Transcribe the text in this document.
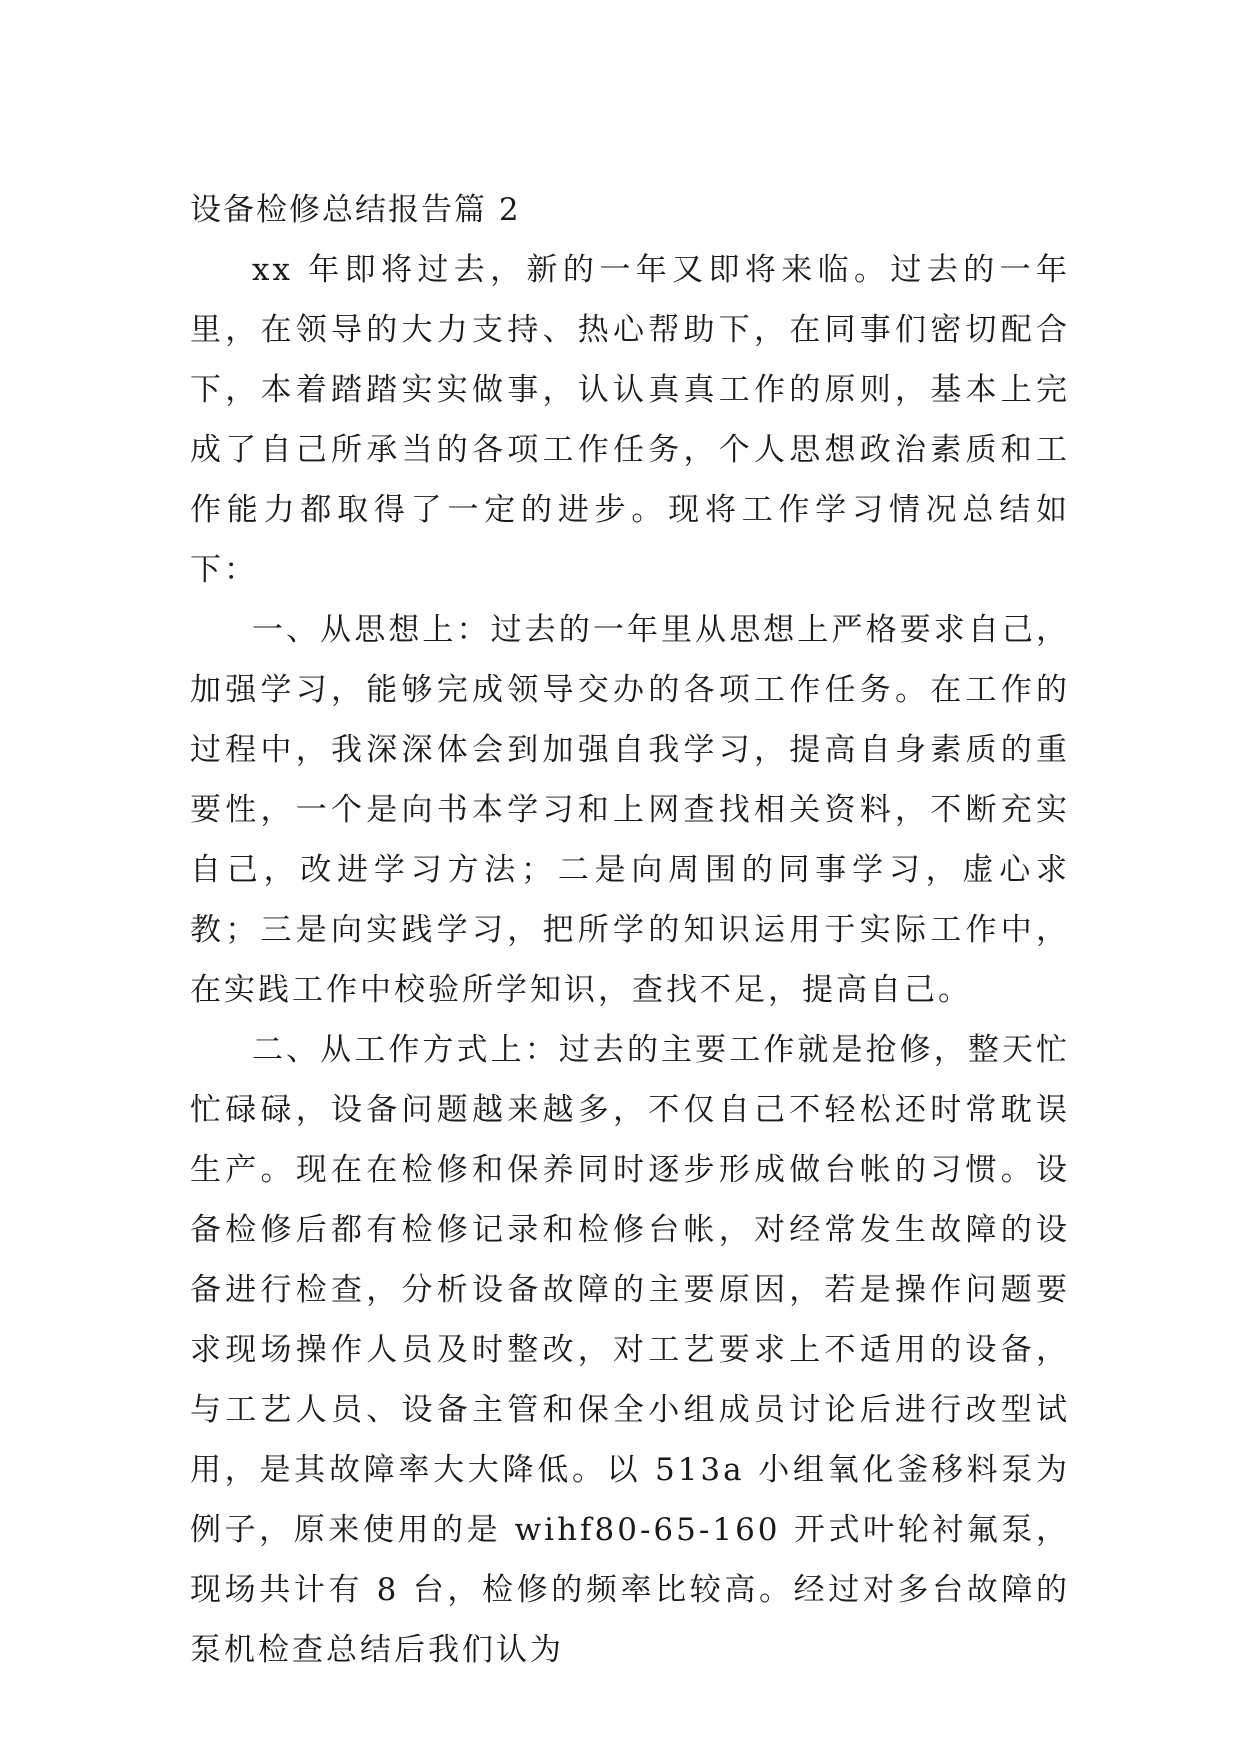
设备检修总结报告篇 2

xx 年即将过去，新的一年又即将来临。过去的一年里，在领导的大力支持、热心帮助下，在同事们密切配合下，本着踏踏实实做事，认认真真工作的原则，基本上完成了自己所承当的各项工作任务，个人思想政治素质和工作能力都取得了一定的进步。现将工作学习情况总结如下：

一、从思想上：过去的一年里从思想上严格要求自己，加强学习，能够完成领导交办的各项工作任务。在工作的过程中，我深深体会到加强自我学习，提高自身素质的重要性，一个是向书本学习和上网查找相关资料，不断充实自己，改进学习方法；二是向周围的同事学习，虚心求教；三是向实践学习，把所学的知识运用于实际工作中，在实践工作中校验所学知识，查找不足，提高自己。

二、从工作方式上：过去的主要工作就是抢修，整天忙忙碌碌，设备问题越来越多，不仅自己不轻松还时常耽误生产。现在在检修和保养同时逐步形成做台帐的习惯。设备检修后都有检修记录和检修台帐，对经常发生故障的设备进行检查，分析设备故障的主要原因，若是操作问题要求现场操作人员及时整改，对工艺要求上不适用的设备，与工艺人员、设备主管和保全小组成员讨论后进行改型试用，是其故障率大大降低。以 513a 小组氧化釜移料泵为例子，原来使用的是 wihf80-65-160 开式叶轮衬氟泵，现场共计有 8 台，检修的频率比较高。经过对多台故障的泵机检查总结后我们认为
